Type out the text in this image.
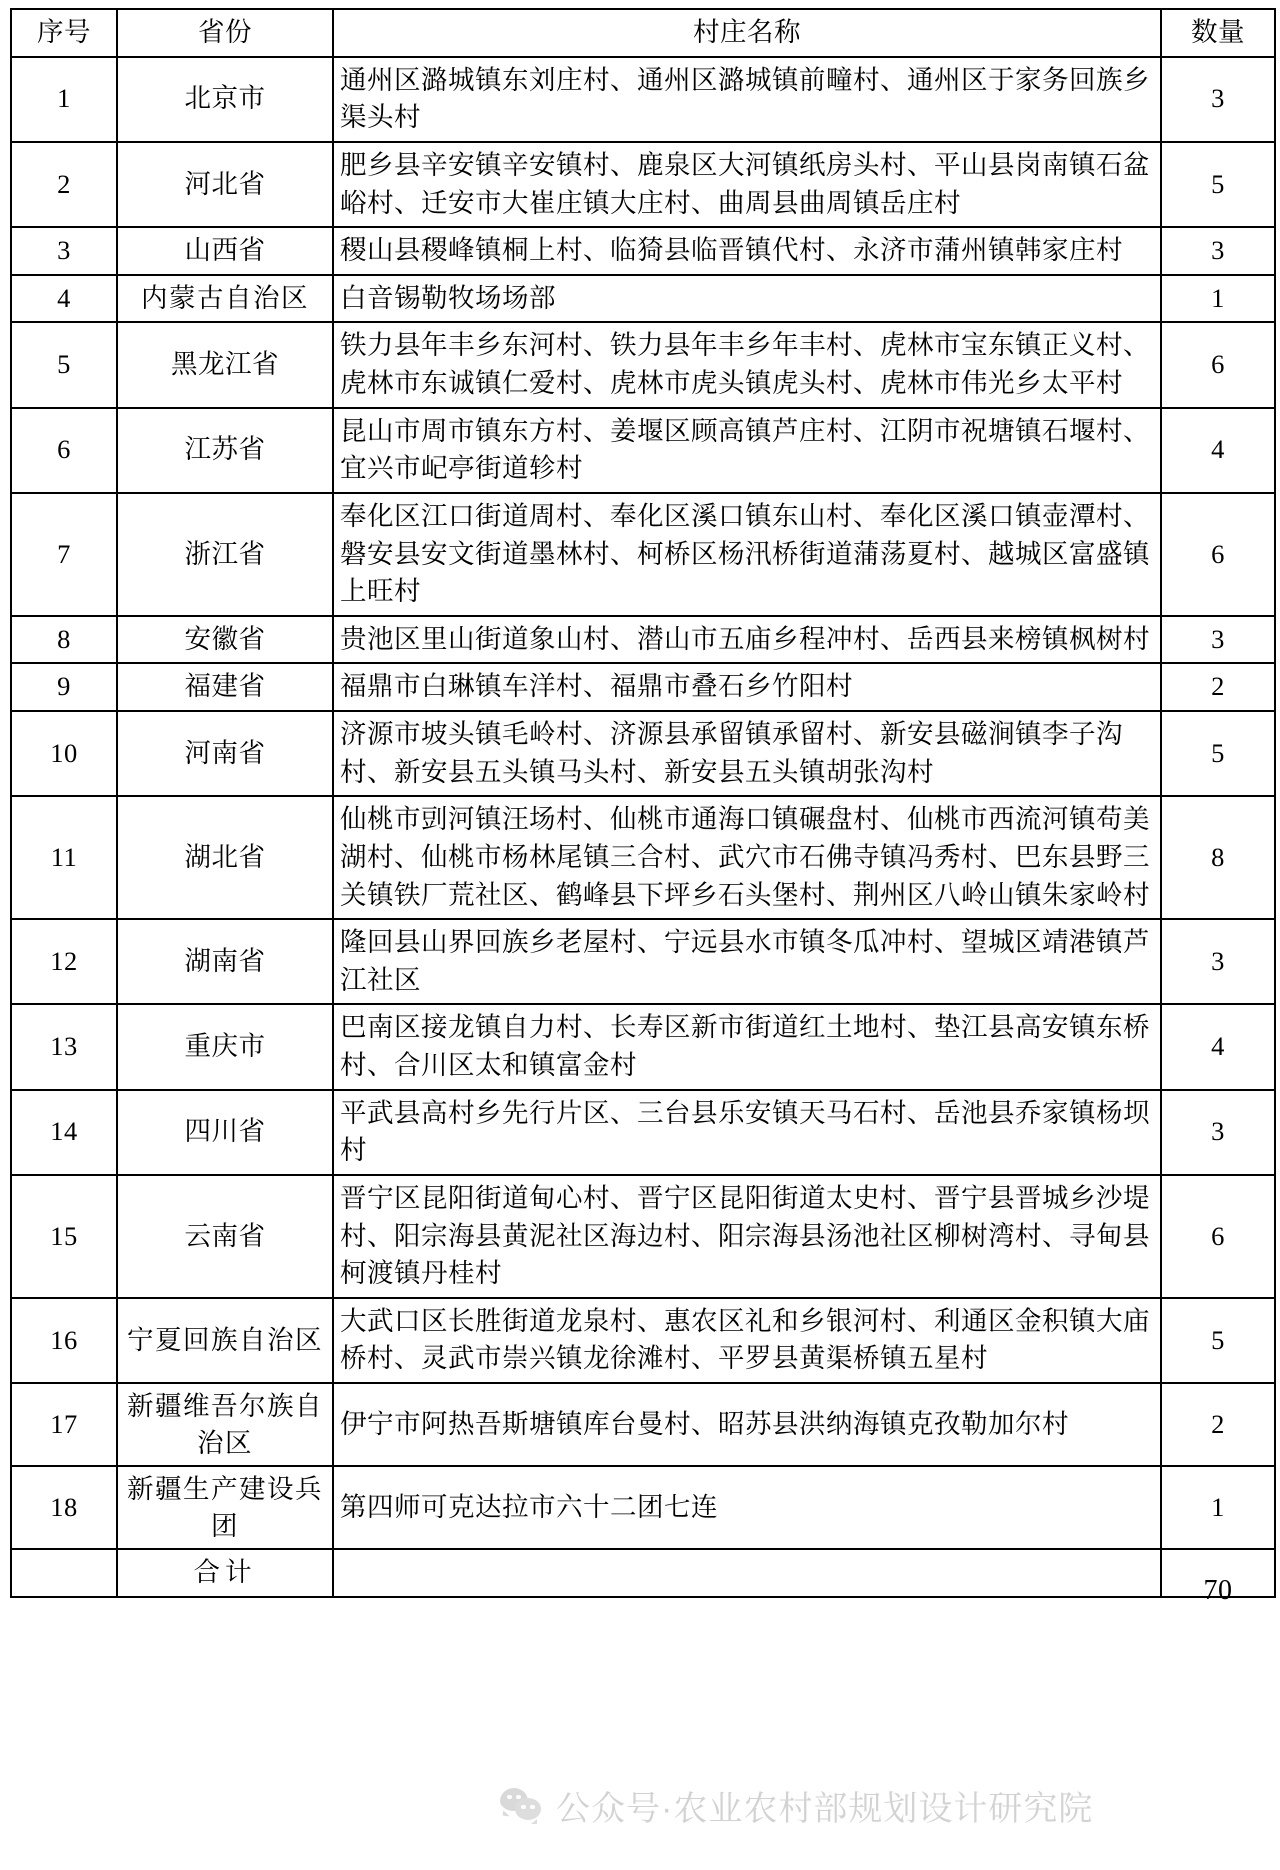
序号	省份	村庄名称	数量
1	北京市	通州区潞城镇东刘庄村、通州区潞城镇前疃村、通州区于家务回族乡渠头村	3
2	河北省	肥乡县辛安镇辛安镇村、鹿泉区大河镇纸房头村、平山县岗南镇石盆峪村、迁安市大崔庄镇大庄村、曲周县曲周镇岳庄村	5
3	山西省	稷山县稷峰镇桐上村、临猗县临晋镇代村、永济市蒲州镇韩家庄村	3
4	内蒙古自治区	白音锡勒牧场场部	1
5	黑龙江省	铁力县年丰乡东河村、铁力县年丰乡年丰村、虎林市宝东镇正义村、虎林市东诚镇仁爱村、虎林市虎头镇虎头村、虎林市伟光乡太平村	6
6	江苏省	昆山市周市镇东方村、姜堰区顾高镇芦庄村、江阴市祝塘镇石堰村、宜兴市屺亭街道轸村	4
7	浙江省	奉化区江口街道周村、奉化区溪口镇东山村、奉化区溪口镇壶潭村、磐安县安文街道墨林村、柯桥区杨汛桥街道蒲荡夏村、越城区富盛镇上旺村	6
8	安徽省	贵池区里山街道象山村、潜山市五庙乡程冲村、岳西县来榜镇枫树村	3
9	福建省	福鼎市白琳镇车洋村、福鼎市叠石乡竹阳村	2
10	河南省	济源市坡头镇毛岭村、济源县承留镇承留村、新安县磁涧镇李子沟村、新安县五头镇马头村、新安县五头镇胡张沟村	5
11	湖北省	仙桃市剅河镇汪场村、仙桃市通海口镇碾盘村、仙桃市西流河镇苟美湖村、仙桃市杨林尾镇三合村、武穴市石佛寺镇冯秀村、巴东县野三关镇铁厂荒社区、鹤峰县下坪乡石头堡村、荆州区八岭山镇朱家岭村	8
12	湖南省	隆回县山界回族乡老屋村、宁远县水市镇冬瓜冲村、望城区靖港镇芦江社区	3
13	重庆市	巴南区接龙镇自力村、长寿区新市街道红土地村、垫江县高安镇东桥村、合川区太和镇富金村	4
14	四川省	平武县高村乡先行片区、三台县乐安镇天马石村、岳池县乔家镇杨坝村	3
15	云南省	晋宁区昆阳街道甸心村、晋宁区昆阳街道太史村、晋宁县晋城乡沙堤村、阳宗海县黄泥社区海边村、阳宗海县汤池社区柳树湾村、寻甸县柯渡镇丹桂村	6
16	宁夏回族自治区	大武口区长胜街道龙泉村、惠农区礼和乡银河村、利通区金积镇大庙桥村、灵武市崇兴镇龙徐滩村、平罗县黄渠桥镇五星村	5
17	新疆维吾尔族自治区	伊宁市阿热吾斯塘镇库台曼村、昭苏县洪纳海镇克孜勒加尔村	2
18	新疆生产建设兵团	第四师可克达拉市六十二团七连	1
	合计		70
公众号·农业农村部规划设计研究院
